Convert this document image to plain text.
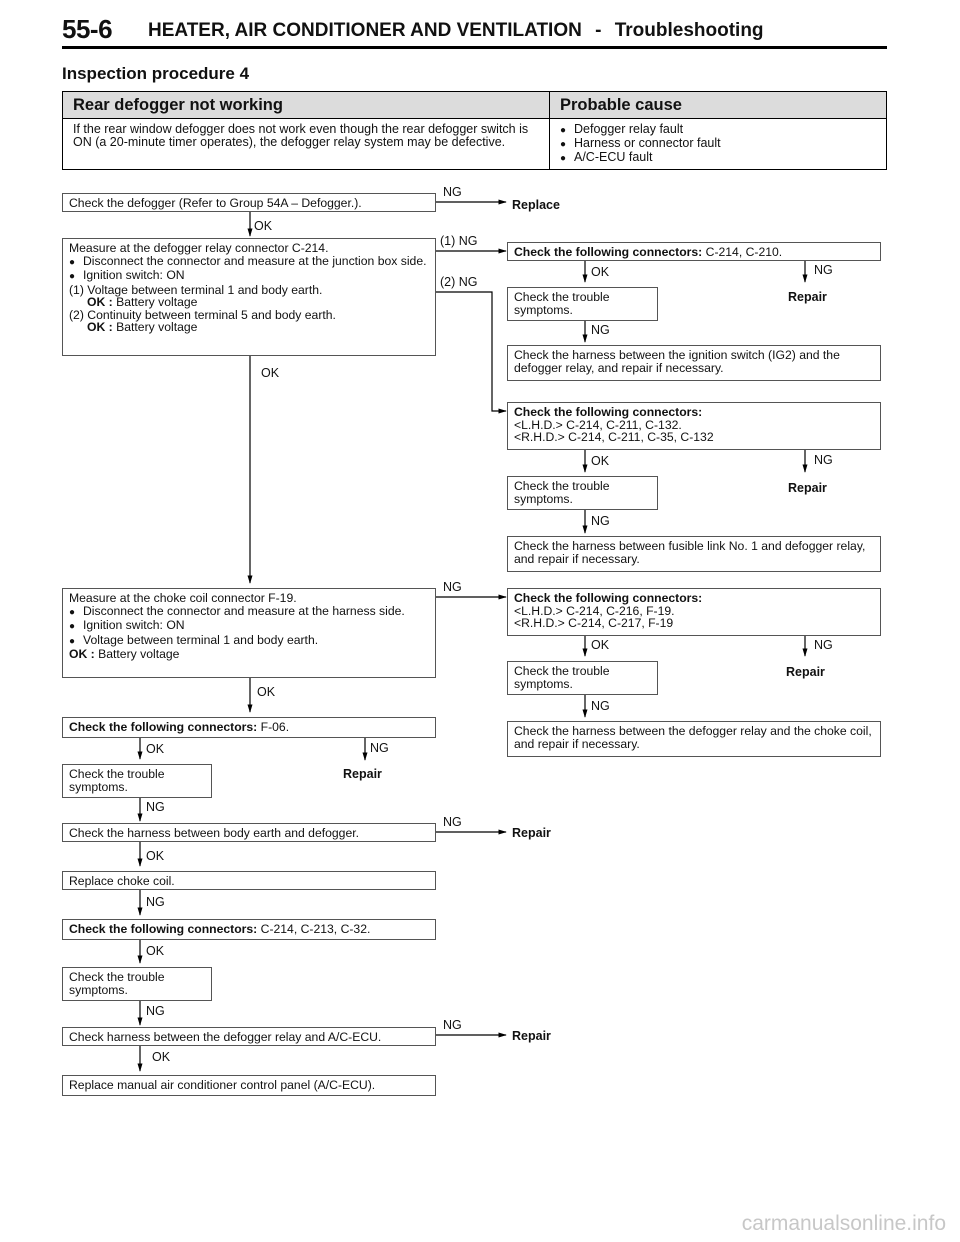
55-6 HEATER, AIR CONDITIONER AND VENTILATION - Troubleshooting
Inspection procedure 4
Rear defogger not working	Probable cause
If the rear window defogger does not work even though the rear defogger switch is ON (a 20-minute timer operates), the defogger relay system may be defective.	● Defogger relay fault
● Harness or connector fault
● A/C-ECU fault
Check the defogger (Refer to Group 54A – Defogger.).
Measure at the defogger relay connector C-214.
● Disconnect the connector and measure at the junction box side.
● Ignition switch: ON
(1) Voltage between terminal 1 and body earth.
OK : Battery voltage
(2) Continuity between terminal 5 and body earth.
OK : Battery voltage
Check the following connectors: C-214, C-210.
Check the trouble symptoms.
Check the harness between the ignition switch (IG2) and the defogger relay, and repair if necessary.
Check the following connectors:
<L.H.D.> C-214, C-211, C-132.
<R.H.D.> C-214, C-211, C-35, C-132
Check the trouble symptoms.
Check the harness between fusible link No. 1 and defogger relay, and repair if necessary.
Measure at the choke coil connector F-19.
● Disconnect the connector and measure at the harness side.
● Ignition switch: ON
● Voltage between terminal 1 and body earth.
OK : Battery voltage
Check the following connectors:
<L.H.D.> C-214, C-216, F-19.
<R.H.D.> C-214, C-217, F-19
Check the trouble symptoms.
Check the harness between the defogger relay and the choke coil, and repair if necessary.
Check the following connectors: F-06.
Check the trouble symptoms.
Check the harness between body earth and defogger.
Replace choke coil.
Check the following connectors: C-214, C-213, C-32.
Check the trouble symptoms.
Check harness between the defogger relay and A/C-ECU.
Replace manual air conditioner control panel (A/C-ECU).
NG
Replace
OK
(1) NG
(2) NG
OK	NG
Repair
NG
OK
OK	NG
Repair
NG
NG
OK	NG
Repair
OK
NG
OK	NG
Repair
NG
NG
Repair
OK
NG
OK
NG
NG
Repair
OK
carmanualsonline.info
